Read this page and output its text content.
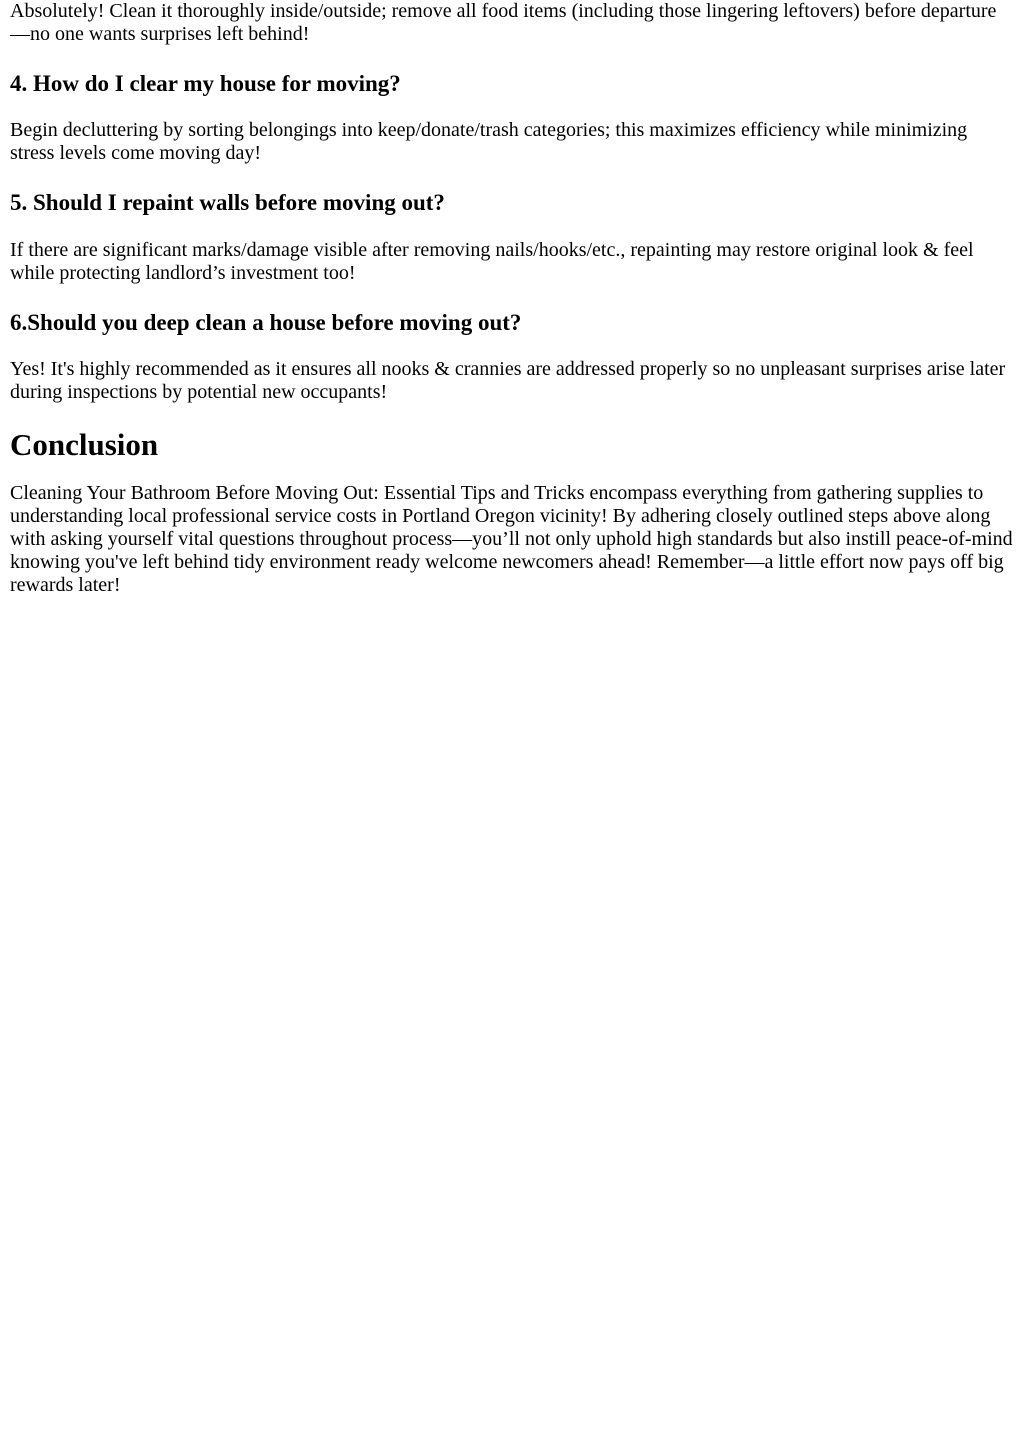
Absolutely! Clean it thoroughly inside/outside; remove all food items (including those lingering leftovers) before departure—no one wants surprises left behind!

4. How do I clear my house for moving?

Begin decluttering by sorting belongings into keep/donate/trash categories; this maximizes efficiency while minimizing stress levels come moving day!

5. Should I repaint walls before moving out?

If there are significant marks/damage visible after removing nails/hooks/etc., repainting may restore original look & feel while protecting landlord’s investment too!

6.Should you deep clean a house before moving out?

Yes! It's highly recommended as it ensures all nooks & crannies are addressed properly so no unpleasant surprises arise later during inspections by potential new occupants!

Conclusion

Cleaning Your Bathroom Before Moving Out: Essential Tips and Tricks encompass everything from gathering supplies to understanding local professional service costs in Portland Oregon vicinity! By adhering closely outlined steps above along with asking yourself vital questions throughout process—you’ll not only uphold high standards but also instill peace-of-mind knowing you've left behind tidy environment ready welcome newcomers ahead! Remember—a little effort now pays off big rewards later!
